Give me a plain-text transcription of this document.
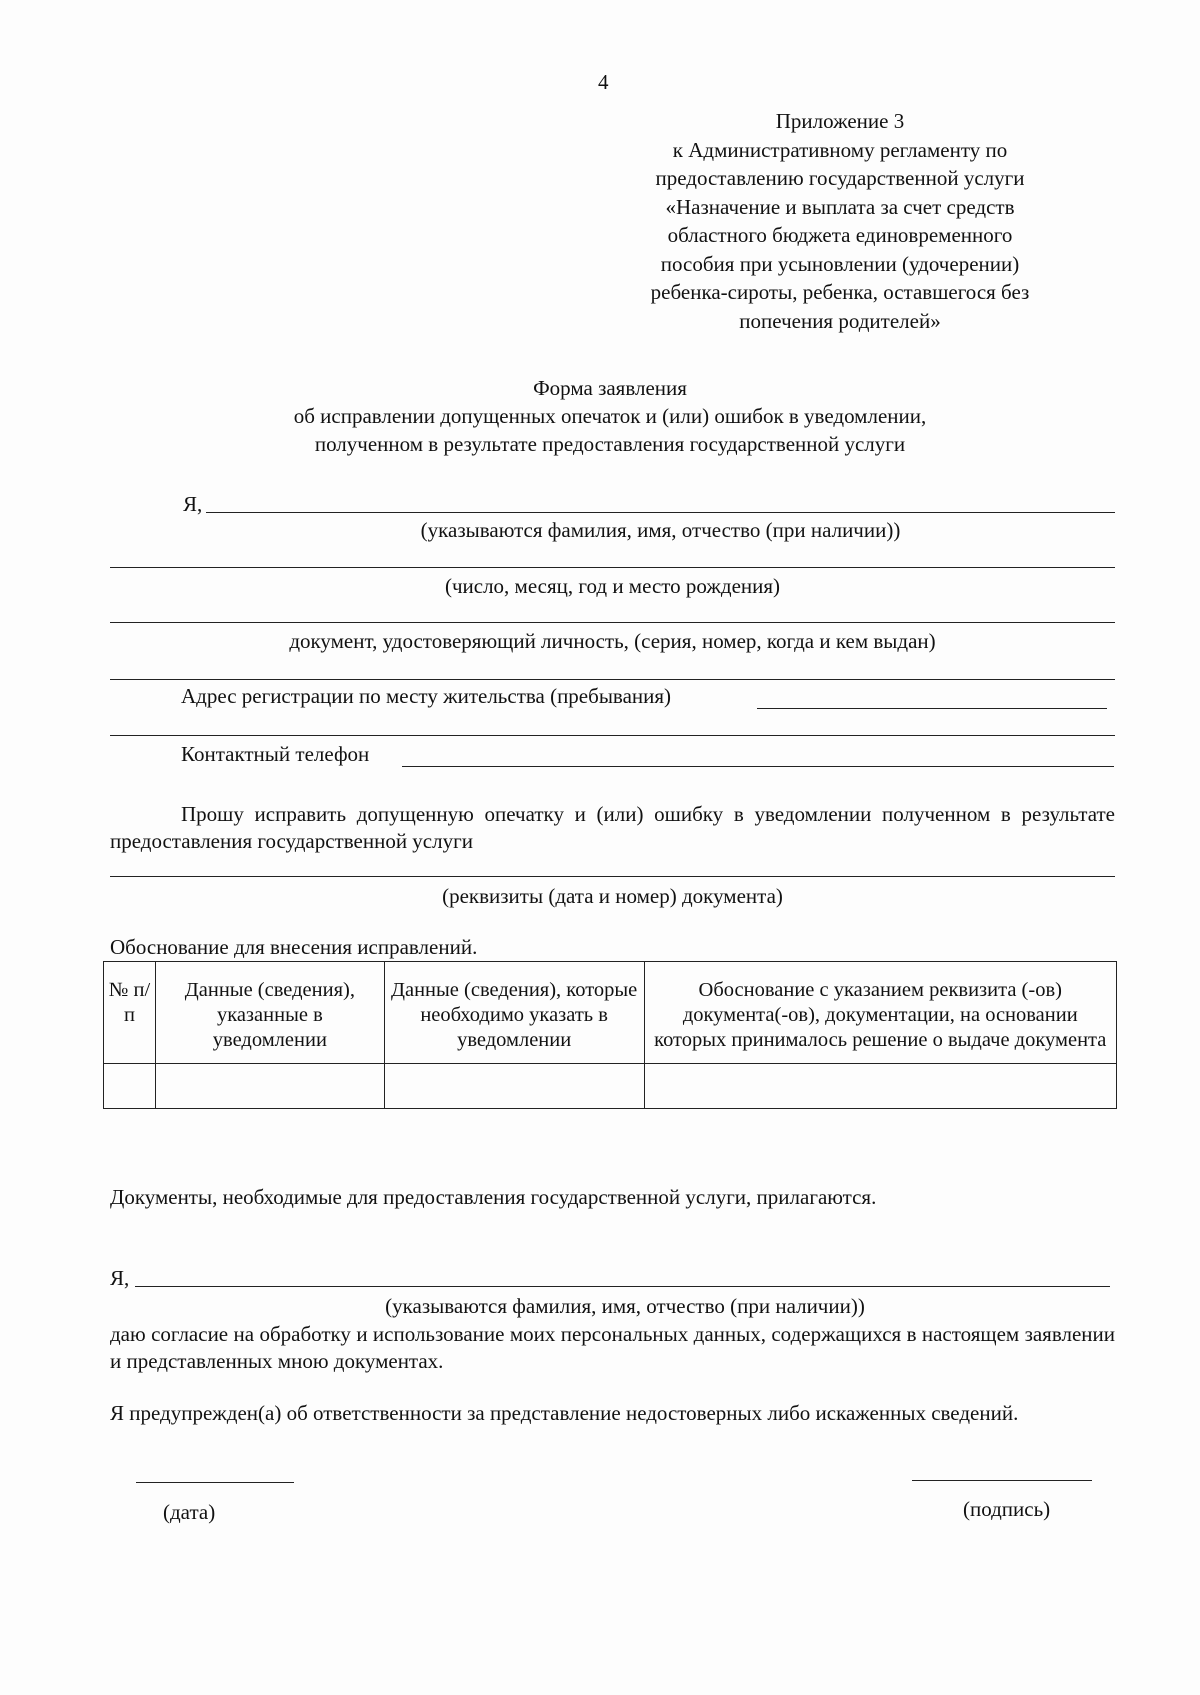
4
Приложение 3
к Административному регламенту по
предоставлению государственной услуги
«Назначение и выплата за счет средств
областного бюджета единовременного
пособия при усыновлении (удочерении)
ребенка-сироты, ребенка, оставшегося без
попечения родителей»
Форма заявления
об исправлении допущенных опечаток и (или) ошибок в уведомлении,
полученном в результате предоставления государственной услуги
Я,
(указываются фамилия, имя, отчество (при наличии))
(число, месяц, год и место рождения)
документ, удостоверяющий личность, (серия, номер, когда и кем выдан)
Адрес регистрации по месту жительства (пребывания)
Контактный телефон
Прошу исправить допущенную опечатку и (или) ошибку в уведомлении полученном в результате предоставления государственной услуги
(реквизиты (дата и номер) документа)
Обоснование для внесения исправлений.
№ п/п	Данные (сведения), указанные в уведомлении	Данные (сведения), которые необходимо указать в уведомлении	Обоснование с указанием реквизита (-ов) документа(-ов), документации, на основании которых принималось решение о выдаче документа

Документы, необходимые для предоставления государственной услуги, прилагаются.
Я,
(указываются фамилия, имя, отчество (при наличии))
даю согласие на обработку и использование моих персональных данных, содержащихся в настоящем заявлении и представленных мною документах.
Я предупрежден(а) об ответственности за представление недостоверных либо искаженных сведений.
(дата)	(подпись)
